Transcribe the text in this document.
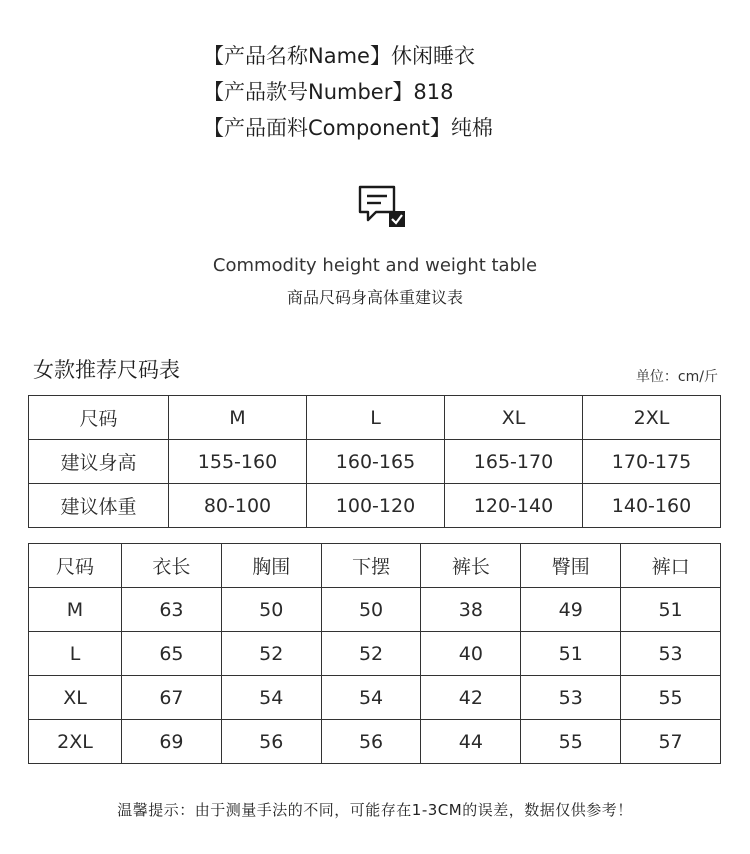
【产品名称Name】休闲睡衣
【产品款号Number】818
【产品面料Component】纯棉
Commodity height and weight table
商品尺码身高体重建议表
女款推荐尺码表	单位：cm/斤
尺码	M	L	XL	2XL
建议身高	155-160	160-165	165-170	170-175
建议体重	80-100	100-120	120-140	140-160
尺码	衣长	胸围	下摆	裤长	臀围	裤口
M	63	50	50	38	49	51
L	65	52	52	40	51	53
XL	67	54	54	42	53	55
2XL	69	56	56	44	55	57
温馨提示：由于测量手法的不同，可能存在1-3CM的误差，数据仅供参考！
